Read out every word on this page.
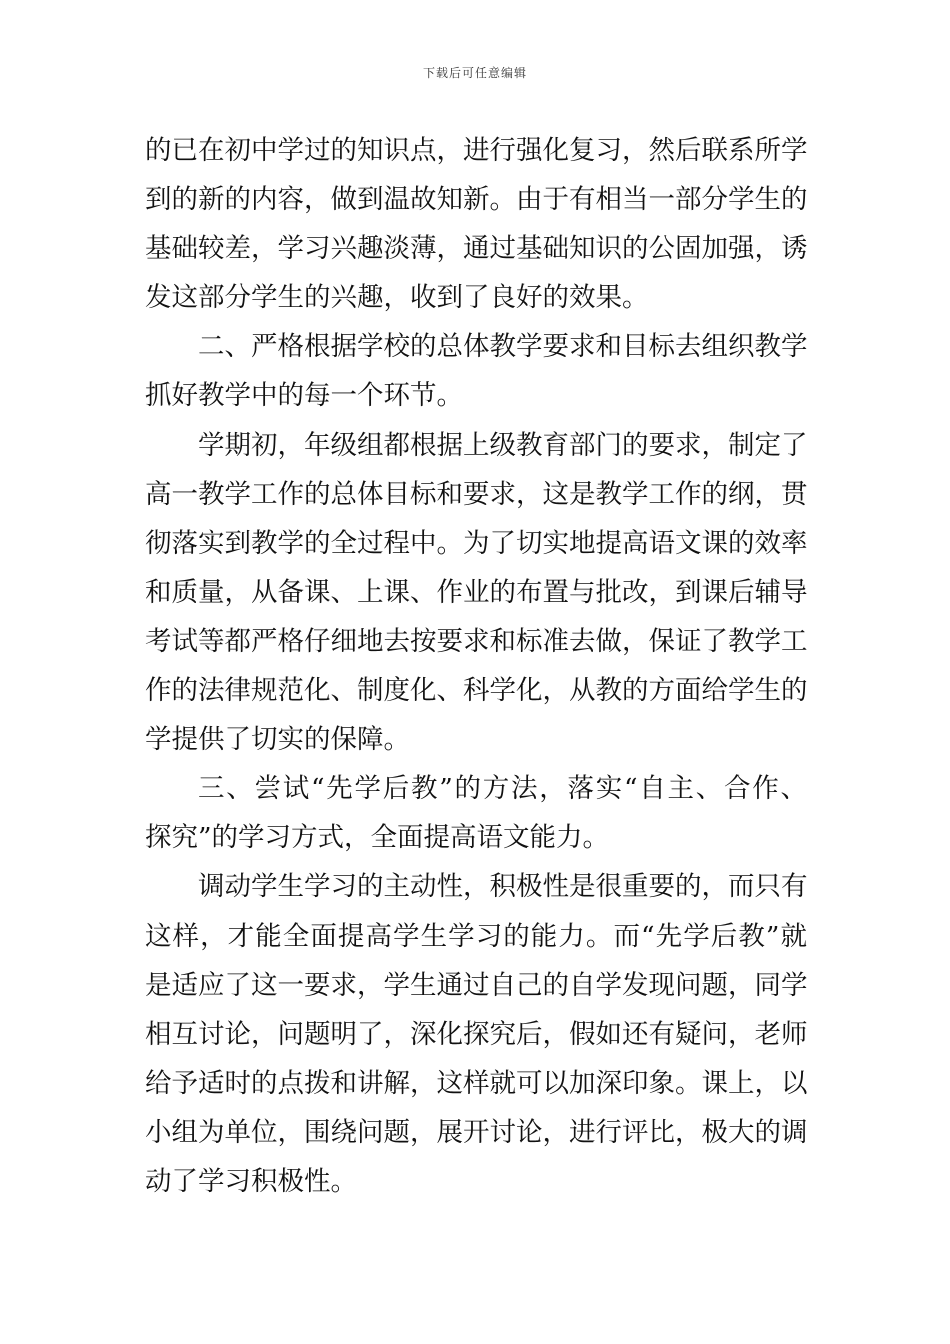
下载后可任意编辑
的已在初中学过的知识点，进行强化复习，然后联系所学
到的新的内容，做到温故知新。由于有相当一部分学生的
基础较差，学习兴趣淡薄，通过基础知识的公固加强，诱
发这部分学生的兴趣，收到了良好的效果。
二、严格根据学校的总体教学要求和目标去组织教学
抓好教学中的每一个环节。
学期初，年级组都根据上级教育部门的要求，制定了
高一教学工作的总体目标和要求，这是教学工作的纲，贯
彻落实到教学的全过程中。为了切实地提高语文课的效率
和质量，从备课、上课、作业的布置与批改，到课后辅导
考试等都严格仔细地去按要求和标准去做，保证了教学工
作的法律规范化、制度化、科学化，从教的方面给学生的
学提供了切实的保障。
三、尝试“先学后教”的方法，落实“自主、合作、
探究”的学习方式，全面提高语文能力。
调动学生学习的主动性，积极性是很重要的，而只有
这样，才能全面提高学生学习的能力。而“先学后教”就
是适应了这一要求，学生通过自己的自学发现问题，同学
相互讨论，问题明了，深化探究后，假如还有疑问，老师
给予适时的点拨和讲解，这样就可以加深印象。课上，以
小组为单位，围绕问题，展开讨论，进行评比，极大的调
动了学习积极性。
